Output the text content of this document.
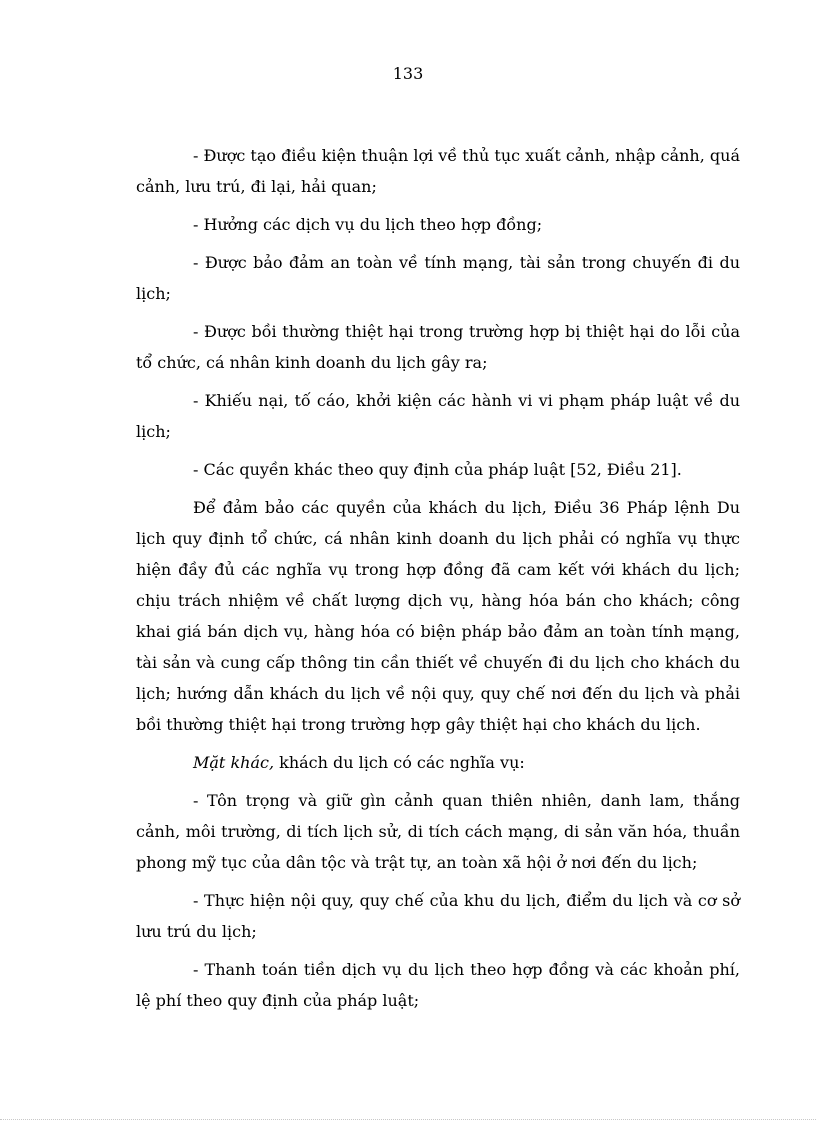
133

- Được tạo điều kiện thuận lợi về thủ tục xuất cảnh, nhập cảnh, quá cảnh, lưu trú, đi lại, hải quan;

- Hưởng các dịch vụ du lịch theo hợp đồng;

- Được bảo đảm an toàn về tính mạng, tài sản trong chuyến đi du lịch;

- Được bồi thường thiệt hại trong trường hợp bị thiệt hại do lỗi của tổ chức, cá nhân kinh doanh du lịch gây ra;

- Khiếu nại, tố cáo, khởi kiện các hành vi vi phạm pháp luật về du lịch;

- Các quyền khác theo quy định của pháp luật [52, Điều 21].

Để đảm bảo các quyền của khách du lịch, Điều 36 Pháp lệnh Du lịch quy định tổ chức, cá nhân kinh doanh du lịch phải có nghĩa vụ thực hiện đầy đủ các nghĩa vụ trong hợp đồng đã cam kết với khách du lịch; chịu trách nhiệm về chất lượng dịch vụ, hàng hóa bán cho khách; công khai giá bán dịch vụ, hàng hóa có biện pháp bảo đảm an toàn tính mạng, tài sản và cung cấp thông tin cần thiết về chuyến đi du lịch cho khách du lịch; hướng dẫn khách du lịch về nội quy, quy chế nơi đến du lịch và phải bồi thường thiệt hại trong trường hợp gây thiệt hại cho khách du lịch.

Mặt khác, khách du lịch có các nghĩa vụ:

- Tôn trọng và giữ gìn cảnh quan thiên nhiên, danh lam, thắng cảnh, môi trường, di tích lịch sử, di tích cách mạng, di sản văn hóa, thuần phong mỹ tục của dân tộc và trật tự, an toàn xã hội ở nơi đến du lịch;

- Thực hiện nội quy, quy chế của khu du lịch, điểm du lịch và cơ sở lưu trú du lịch;

- Thanh toán tiền dịch vụ du lịch theo hợp đồng và các khoản phí, lệ phí theo quy định của pháp luật;
